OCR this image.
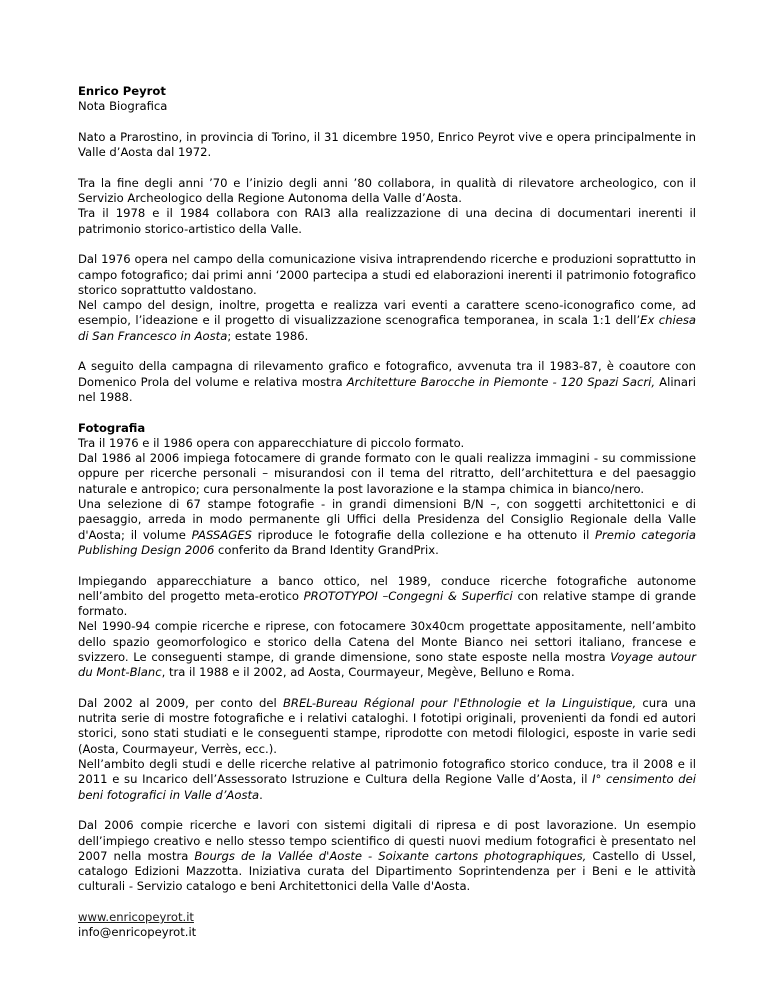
Enrico Peyrot
Nota Biografica

Nato a Prarostino, in provincia di Torino, il 31 dicembre 1950, Enrico Peyrot vive e opera principalmente in Valle d’Aosta dal 1972.

Tra la fine degli anni ’70 e l’inizio degli anni ’80 collabora, in qualità di rilevatore archeologico, con il Servizio Archeologico della Regione Autonoma della Valle d’Aosta.

Tra il 1978 e il 1984 collabora con RAI3 alla realizzazione di una decina di documentari inerenti il patrimonio storico-artistico della Valle.

Dal 1976 opera nel campo della comunicazione visiva intraprendendo ricerche e produzioni soprattutto in campo fotografico; dai primi anni ‘2000 partecipa a studi ed elaborazioni inerenti il patrimonio fotografico storico soprattutto valdostano.

Nel campo del design, inoltre, progetta e realizza vari eventi a carattere sceno-iconografico come, ad esempio, l’ideazione e il progetto di visualizzazione scenografica temporanea, in scala 1:1 dell’Ex chiesa di San Francesco in Aosta; estate 1986.

A seguito della campagna di rilevamento grafico e fotografico, avvenuta tra il 1983-87, è coautore con Domenico Prola del volume e relativa mostra Architetture Barocche in Piemonte - 120 Spazi Sacri, Alinari nel 1988.

Fotografia

Tra il 1976 e il 1986 opera con apparecchiature di piccolo formato.

Dal 1986 al 2006 impiega fotocamere di grande formato con le quali realizza immagini - su commissione oppure per ricerche personali – misurandosi con il tema del ritratto, dell’architettura e del paesaggio naturale e antropico; cura personalmente la post lavorazione e la stampa chimica in bianco/nero.

Una selezione di 67 stampe fotografie - in grandi dimensioni B/N –, con soggetti architettonici e di paesaggio, arreda in modo permanente gli Uffici della Presidenza del Consiglio Regionale della Valle d'Aosta; il volume PASSAGES riproduce le fotografie della collezione e ha ottenuto il Premio categoria Publishing Design 2006 conferito da Brand Identity GrandPrix.

Impiegando apparecchiature a banco ottico, nel 1989, conduce ricerche fotografiche autonome nell’ambito del progetto meta-erotico PROTOTYPOI –Congegni & Superfici con relative stampe di grande formato.

Nel 1990-94 compie ricerche e riprese, con fotocamere 30x40cm progettate appositamente, nell’ambito dello spazio geomorfologico e storico della Catena del Monte Bianco nei settori italiano, francese e svizzero. Le conseguenti stampe, di grande dimensione, sono state esposte nella mostra Voyage autour du Mont-Blanc, tra il 1988 e il 2002, ad Aosta, Courmayeur, Megève, Belluno e Roma.

Dal 2002 al 2009, per conto del BREL-Bureau Régional pour l'Ethnologie et la Linguistique, cura una nutrita serie di mostre fotografiche e i relativi cataloghi. I fototipi originali, provenienti da fondi ed autori storici, sono stati studiati e le conseguenti stampe, riprodotte con metodi filologici, esposte in varie sedi (Aosta, Courmayeur, Verrès, ecc.).

Nell’ambito degli studi e delle ricerche relative al patrimonio fotografico storico conduce, tra il 2008 e il 2011 e su Incarico dell’Assessorato Istruzione e Cultura della Regione Valle d’Aosta, il I° censimento dei beni fotografici in Valle d’Aosta.

Dal 2006 compie ricerche e lavori con sistemi digitali di ripresa e di post lavorazione. Un esempio dell’impiego creativo e nello stesso tempo scientifico di questi nuovi medium fotografici è presentato nel 2007 nella mostra Bourgs de la Vallée d'Aoste - Soixante cartons photographiques, Castello di Ussel, catalogo Edizioni Mazzotta. Iniziativa curata del Dipartimento Soprintendenza per i Beni e le attività culturali - Servizio catalogo e beni Architettonici della Valle d'Aosta.

www.enricopeyrot.it
info@enricopeyrot.it
